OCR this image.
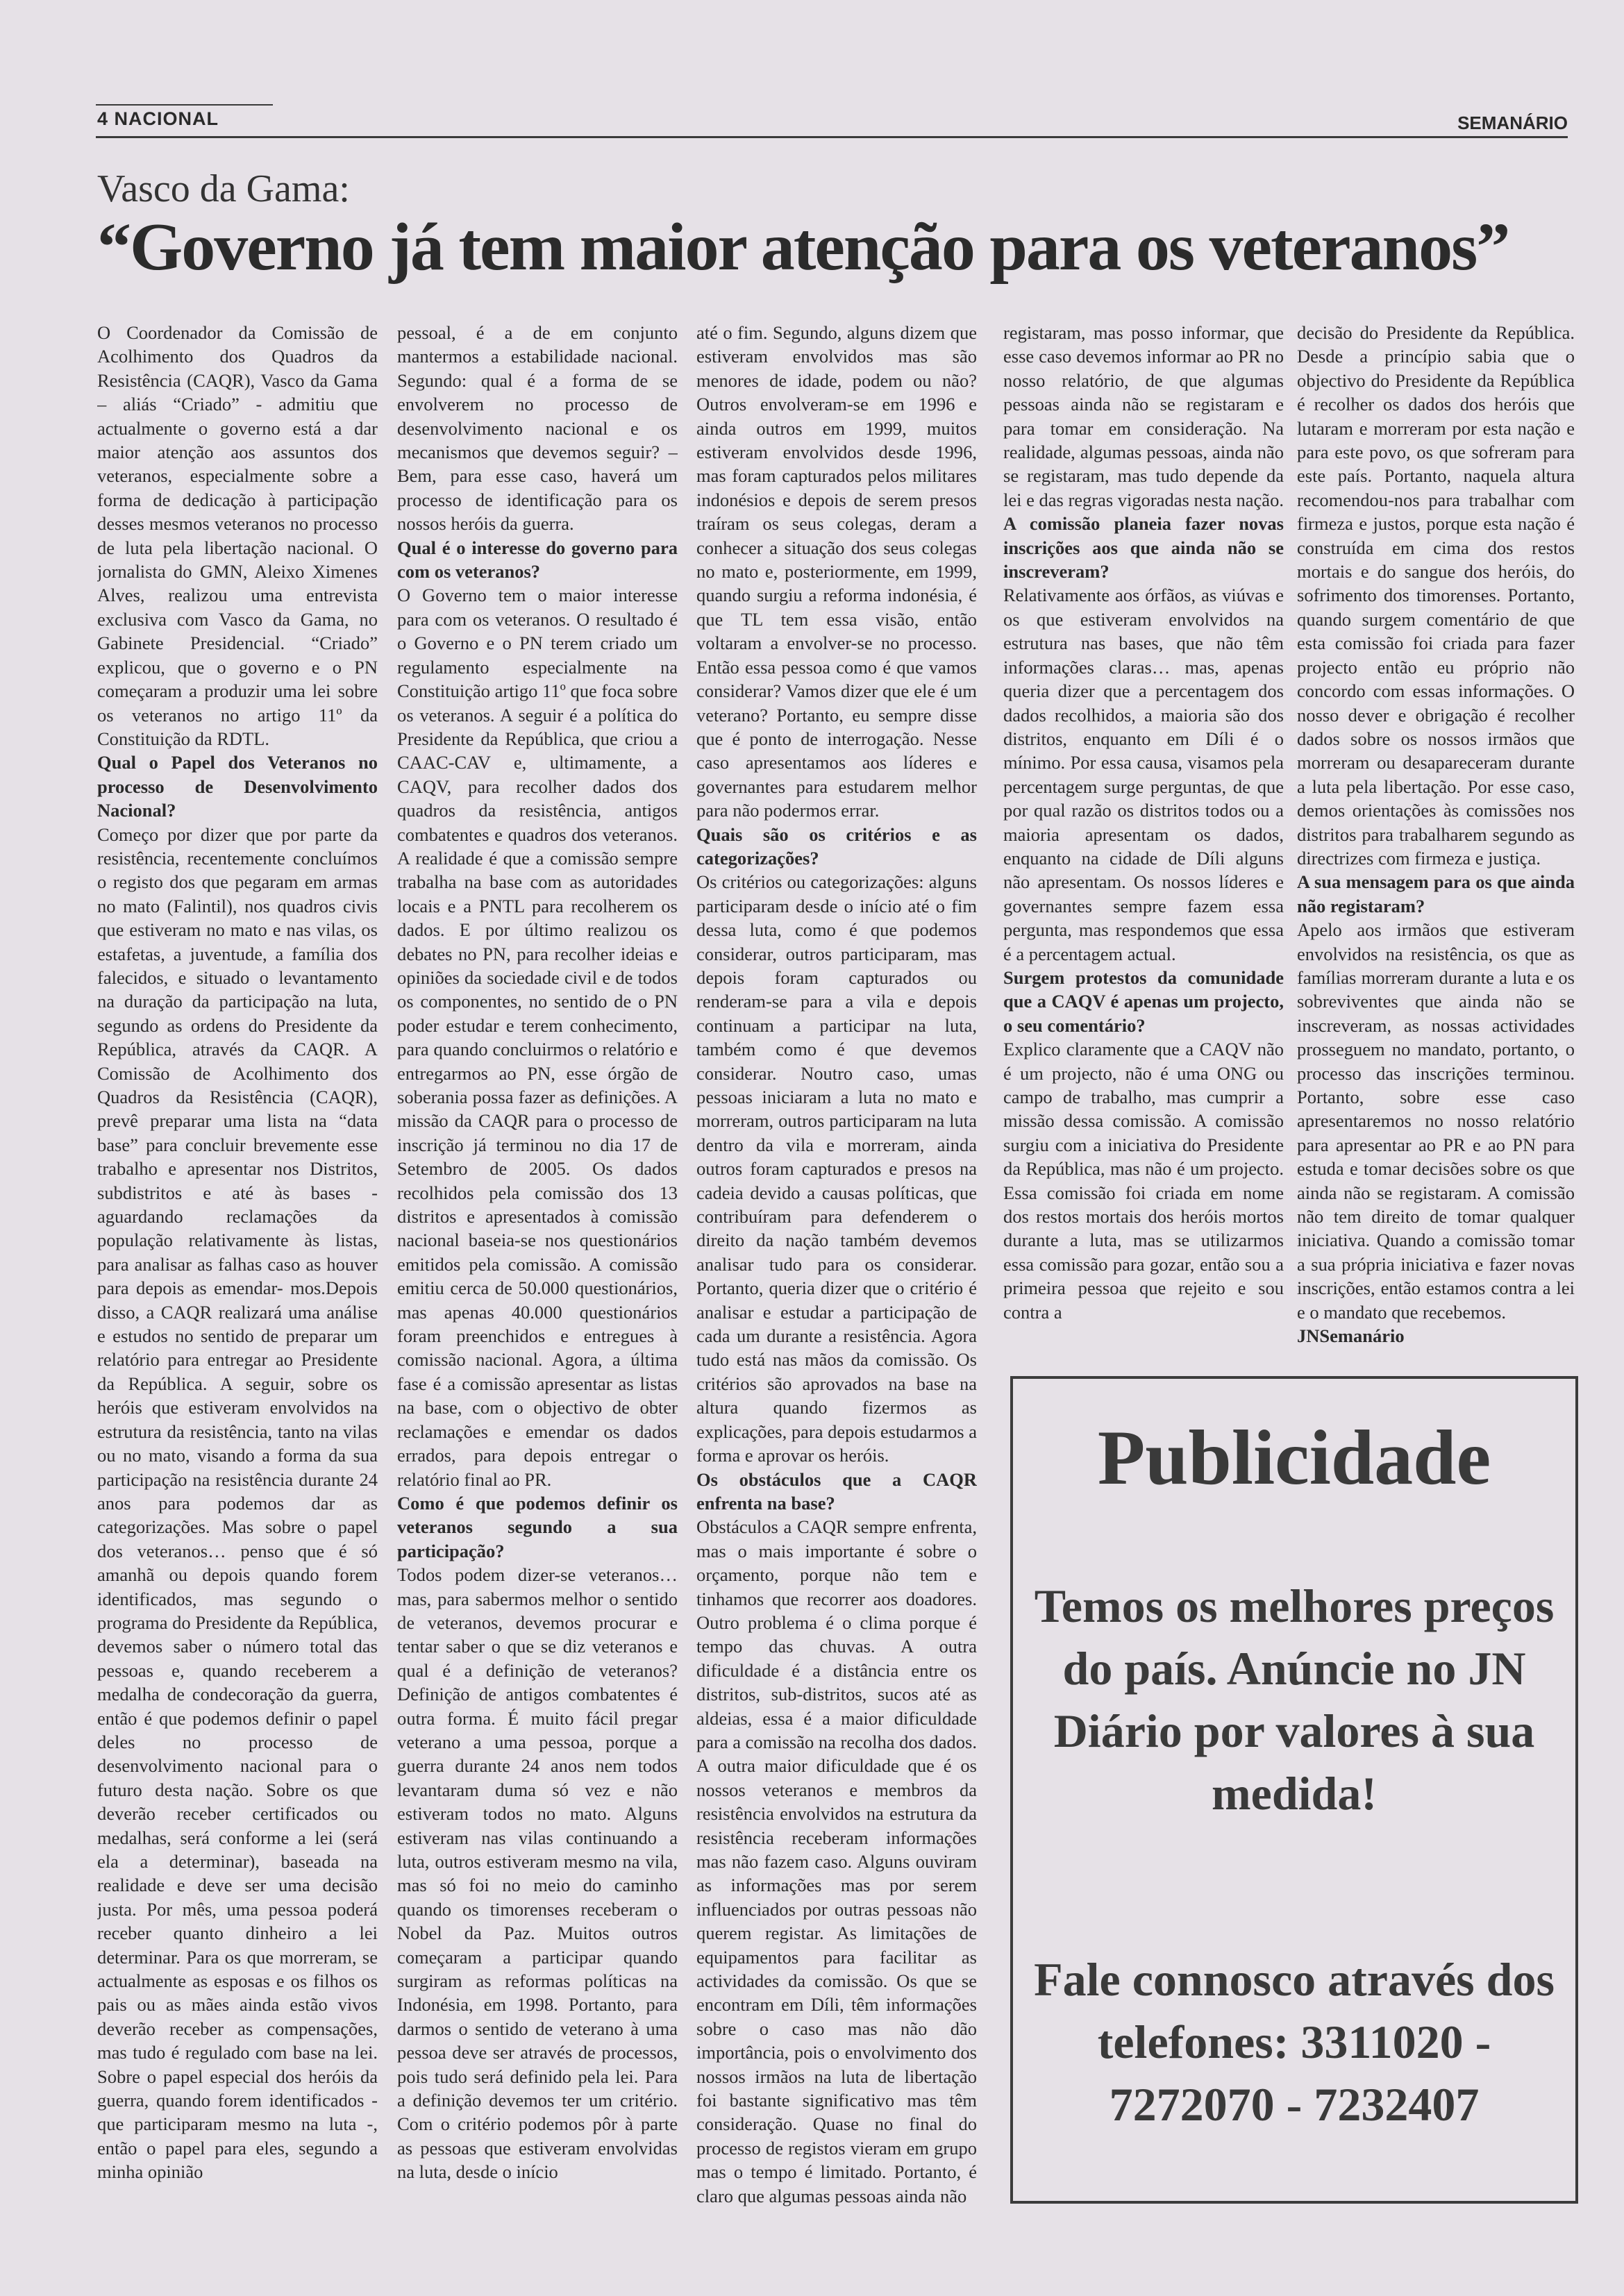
4 NACIONAL	SEMANÁRIO
Vasco da Gama:
“Governo já tem maior atenção para os veteranos”

O Coordenador da Comissão de Acolhimento dos Quadros da Resistência (CAQR), Vasco da Gama – aliás “Criado” - admitiu que actualmente o governo está a dar maior atenção aos assuntos dos veteranos, especialmente sobre a forma de dedicação à participação desses mesmos veteranos no processo de luta pela libertação nacional. O jornalista do GMN, Aleixo Ximenes Alves, realizou uma entrevista exclusiva com Vasco da Gama, no Gabinete Presidencial. “Criado” explicou, que o governo e o PN começaram a produzir uma lei sobre os veteranos no artigo 11º da Constituição da RDTL.

Qual o Papel dos Veteranos no processo de Desenvolvimento Nacional?

Começo por dizer que por parte da resistência, recentemente concluímos o registo dos que pegaram em armas no mato (Falintil), nos quadros civis que estiveram no mato e nas vilas, os estafetas, a juventude, a família dos falecidos, e situado o levantamento na duração da participação na luta, segundo as ordens do Presidente da República, através da CAQR. A Comissão de Acolhimento dos Quadros da Resistência (CAQR), prevê preparar uma lista na “data base” para concluir brevemente esse trabalho e apresentar nos Distritos, subdistritos e até às bases - aguardando reclamações da população relativamente às listas, para analisar as falhas caso as houver para depois as emendar- mos.Depois disso, a CAQR realizará uma análise e estudos no sentido de preparar um relatório para entregar ao Presidente da República. A seguir, sobre os heróis que estiveram envolvidos na estrutura da resistência, tanto na vilas ou no mato, visando a forma da sua participação na resistência durante 24 anos para podemos dar as categorizações. Mas sobre o papel dos veteranos… penso que é só amanhã ou depois quando forem identificados, mas segundo o programa do Presidente da República, devemos saber o número total das pessoas e, quando receberem a medalha de condecoração da guerra, então é que podemos definir o papel deles no processo de desenvolvimento nacional para o futuro desta nação. Sobre os que deverão receber certificados ou medalhas, será conforme a lei (será ela a determinar), baseada na realidade e deve ser uma decisão justa. Por mês, uma pessoa poderá receber quanto dinheiro a lei determinar. Para os que morreram, se actualmente as esposas e os filhos os pais ou as mães ainda estão vivos deverão receber as compensações, mas tudo é regulado com base na lei. Sobre o papel especial dos heróis da guerra, quando forem identificados - que participaram mesmo na luta -, então o papel para eles, segundo a minha opinião

pessoal, é a de em conjunto mantermos a estabilidade nacional. Segundo: qual é a forma de se envolverem no processo de desenvolvimento nacional e os mecanismos que devemos seguir? – Bem, para esse caso, haverá um processo de identificação para os nossos heróis da guerra.

Qual é o interesse do governo para com os veteranos?

O Governo tem o maior interesse para com os veteranos. O resultado é o Governo e o PN terem criado um regulamento especialmente na Constituição artigo 11º que foca sobre os veteranos. A seguir é a política do Presidente da República, que criou a CAAC-CAV e, ultimamente, a CAQV, para recolher dados dos quadros da resistência, antigos combatentes e quadros dos veteranos. A realidade é que a comissão sempre trabalha na base com as autoridades locais e a PNTL para recolherem os dados. E por último realizou os debates no PN, para recolher ideias e opiniões da sociedade civil e de todos os componentes, no sentido de o PN poder estudar e terem conhecimento, para quando concluirmos o relatório e entregarmos ao PN, esse órgão de soberania possa fazer as definições. A missão da CAQR para o processo de inscrição já terminou no dia 17 de Setembro de 2005. Os dados recolhidos pela comissão dos 13 distritos e apresentados à comissão nacional baseia-se nos questionários emitidos pela comissão. A comissão emitiu cerca de 50.000 questionários, mas apenas 40.000 questionários foram preenchidos e entregues à comissão nacional. Agora, a última fase é a comissão apresentar as listas na base, com o objectivo de obter reclamações e emendar os dados errados, para depois entregar o relatório final ao PR.

Como é que podemos definir os veteranos segundo a sua participação?

Todos podem dizer-se veteranos… mas, para sabermos melhor o sentido de veteranos, devemos procurar e tentar saber o que se diz veteranos e qual é a definição de veteranos? Definição de antigos combatentes é outra forma. É muito fácil pregar veterano a uma pessoa, porque a guerra durante 24 anos nem todos levantaram duma só vez e não estiveram todos no mato. Alguns estiveram nas vilas continuando a luta, outros estiveram mesmo na vila, mas só foi no meio do caminho quando os timorenses receberam o Nobel da Paz. Muitos outros começaram a participar quando surgiram as reformas políticas na Indonésia, em 1998. Portanto, para darmos o sentido de veterano à uma pessoa deve ser através de processos, pois tudo será definido pela lei. Para a definição devemos ter um critério. Com o critério podemos pôr à parte as pessoas que estiveram envolvidas na luta, desde o início

até o fim. Segundo, alguns dizem que estiveram envolvidos mas são menores de idade, podem ou não? Outros envolveram-se em 1996 e ainda outros em 1999, muitos estiveram envolvidos desde 1996, mas foram capturados pelos militares indonésios e depois de serem presos traíram os seus colegas, deram a conhecer a situação dos seus colegas no mato e, posteriormente, em 1999, quando surgiu a reforma indonésia, é que TL tem essa visão, então voltaram a envolver-se no processo. Então essa pessoa como é que vamos considerar? Vamos dizer que ele é um veterano? Portanto, eu sempre disse que é ponto de interrogação. Nesse caso apresentamos aos líderes e governantes para estudarem melhor para não podermos errar.

Quais são os critérios e as categorizações?

Os critérios ou categorizações: alguns participaram desde o início até o fim dessa luta, como é que podemos considerar, outros participaram, mas depois foram capturados ou renderam-se para a vila e depois continuam a participar na luta, também como é que devemos considerar. Noutro caso, umas pessoas iniciaram a luta no mato e morreram, outros participaram na luta dentro da vila e morreram, ainda outros foram capturados e presos na cadeia devido a causas políticas, que contribuíram para defenderem o direito da nação também devemos analisar tudo para os considerar. Portanto, queria dizer que o critério é analisar e estudar a participação de cada um durante a resistência. Agora tudo está nas mãos da comissão. Os critérios são aprovados na base na altura quando fizermos as explicações, para depois estudarmos a forma e aprovar os heróis.

Os obstáculos que a CAQR enfrenta na base?

Obstáculos a CAQR sempre enfrenta, mas o mais importante é sobre o orçamento, porque não tem e tinhamos que recorrer aos doadores. Outro problema é o clima porque é tempo das chuvas. A outra dificuldade é a distância entre os distritos, sub-distritos, sucos até as aldeias, essa é a maior dificuldade para a comissão na recolha dos dados. A outra maior dificuldade que é os nossos veteranos e membros da resistência envolvidos na estrutura da resistência receberam informações mas não fazem caso. Alguns ouviram as informações mas por serem influenciados por outras pessoas não querem registar. As limitações de equipamentos para facilitar as actividades da comissão. Os que se encontram em Díli, têm informações sobre o caso mas não dão importância, pois o envolvimento dos nossos irmãos na luta de libertação foi bastante significativo mas têm consideração. Quase no final do processo de registos vieram em grupo mas o tempo é limitado. Portanto, é claro que algumas pessoas ainda não

registaram, mas posso informar, que esse caso devemos informar ao PR no nosso relatório, de que algumas pessoas ainda não se registaram e para tomar em consideração. Na realidade, algumas pessoas, ainda não se registaram, mas tudo depende da lei e das regras vigoradas nesta nação.

A comissão planeia fazer novas inscrições aos que ainda não se inscreveram?

Relativamente aos órfãos, as viúvas e os que estiveram envolvidos na estrutura nas bases, que não têm informações claras… mas, apenas queria dizer que a percentagem dos dados recolhidos, a maioria são dos distritos, enquanto em Díli é o mínimo. Por essa causa, visamos pela percentagem surge perguntas, de que por qual razão os distritos todos ou a maioria apresentam os dados, enquanto na cidade de Díli alguns não apresentam. Os nossos líderes e governantes sempre fazem essa pergunta, mas respondemos que essa é a percentagem actual.

Surgem protestos da comunidade que a CAQV é apenas um projecto, o seu comentário?

Explico claramente que a CAQV não é um projecto, não é uma ONG ou campo de trabalho, mas cumprir a missão dessa comissão. A comissão surgiu com a iniciativa do Presidente da República, mas não é um projecto. Essa comissão foi criada em nome dos restos mortais dos heróis mortos durante a luta, mas se utilizarmos essa comissão para gozar, então sou a primeira pessoa que rejeito e sou contra a

decisão do Presidente da República. Desde a princípio sabia que o objectivo do Presidente da República é recolher os dados dos heróis que lutaram e morreram por esta nação e para este povo, os que sofreram para este país. Portanto, naquela altura recomendou-nos para trabalhar com firmeza e justos, porque esta nação é construída em cima dos restos mortais e do sangue dos heróis, do sofrimento dos timorenses. Portanto, quando surgem comentário de que esta comissão foi criada para fazer projecto então eu próprio não concordo com essas informações. O nosso dever e obrigação é recolher dados sobre os nossos irmãos que morreram ou desapareceram durante a luta pela libertação. Por esse caso, demos orientações às comissões nos distritos para trabalharem segundo as directrizes com firmeza e justiça.

A sua mensagem para os que ainda não registaram?

Apelo aos irmãos que estiveram envolvidos na resistência, os que as famílias morreram durante a luta e os sobreviventes que ainda não se inscreveram, as nossas actividades prosseguem no mandato, portanto, o processo das inscrições terminou. Portanto, sobre esse caso apresentaremos no nosso relatório para apresentar ao PR e ao PN para estuda e tomar decisões sobre os que ainda não se registaram. A comissão não tem direito de tomar qualquer iniciativa. Quando a comissão tomar a sua própria iniciativa e fazer novas inscrições, então estamos contra a lei e o mandato que recebemos.

JNSemanário

Publicidade
Temos os melhores preços do país. Anúncie no JN Diário por valores à sua medida!
Fale connosco através dos telefones: 3311020 - 7272070 - 7232407
